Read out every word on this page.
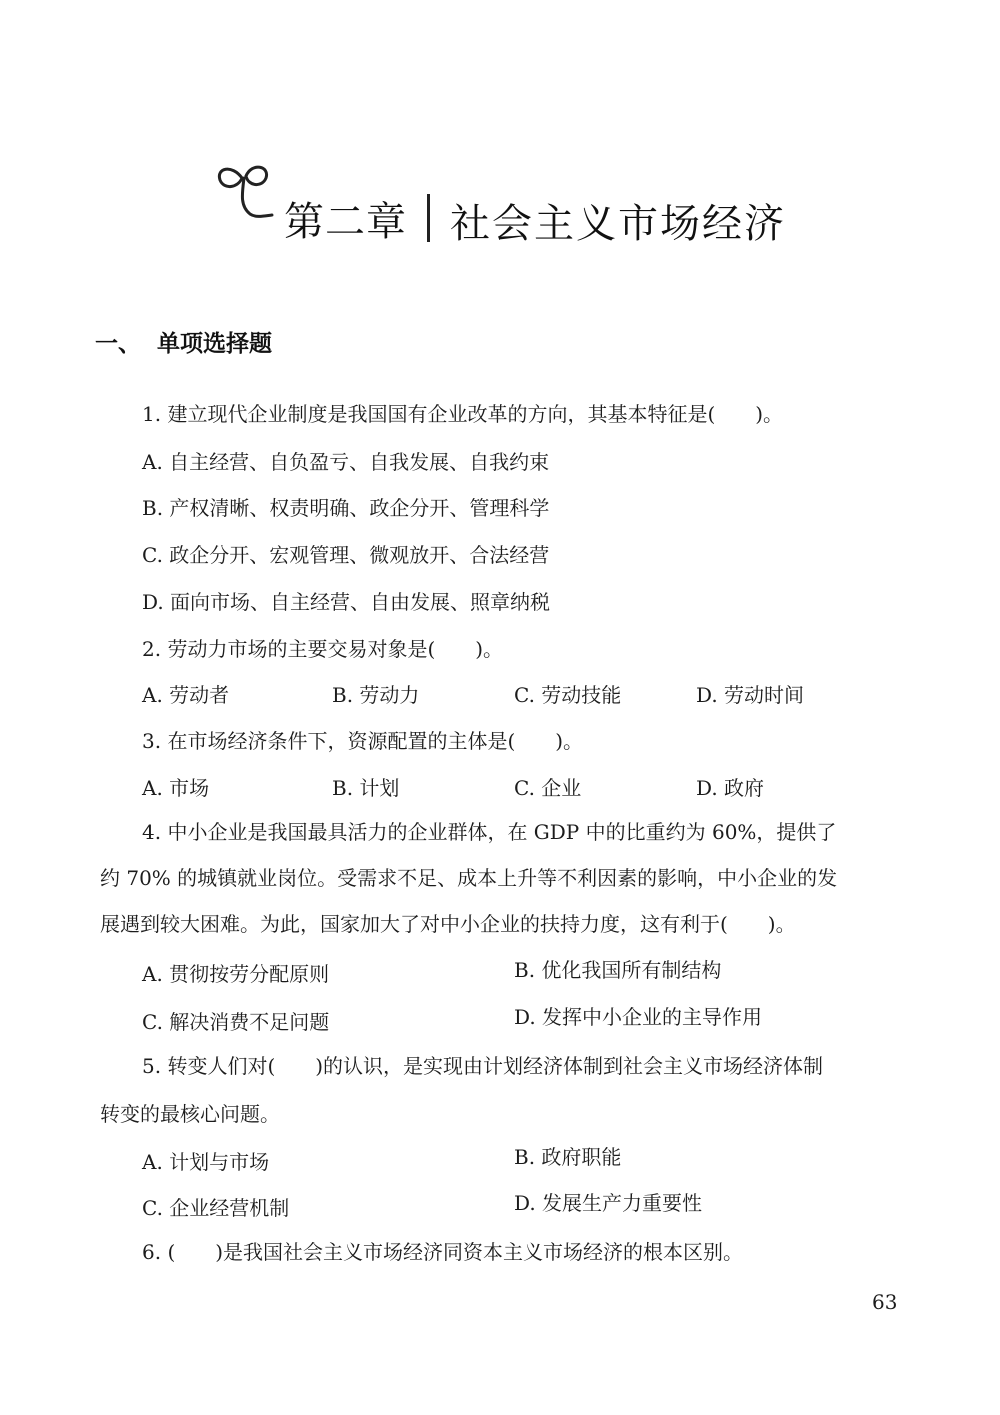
第二章 社会主义市场经济
一、 单项选择题
1. 建立现代企业制度是我国国有企业改革的方向，其基本特征是(　　)。
A. 自主经营、自负盈亏、自我发展、自我约束
B. 产权清晰、权责明确、政企分开、管理科学
C. 政企分开、宏观管理、微观放开、合法经营
D. 面向市场、自主经营、自由发展、照章纳税
2. 劳动力市场的主要交易对象是(　　)。
A. 劳动者	B. 劳动力	C. 劳动技能	D. 劳动时间
3. 在市场经济条件下，资源配置的主体是(　　)。
A. 市场	B. 计划	C. 企业	D. 政府
4. 中小企业是我国最具活力的企业群体，在 GDP 中的比重约为 60%，提供了
约 70% 的城镇就业岗位。受需求不足、成本上升等不利因素的影响，中小企业的发
展遇到较大困难。为此，国家加大了对中小企业的扶持力度，这有利于(　　)。
A. 贯彻按劳分配原则	B. 优化我国所有制结构
C. 解决消费不足问题	D. 发挥中小企业的主导作用
5. 转变人们对(　　)的认识，是实现由计划经济体制到社会主义市场经济体制
转变的最核心问题。
A. 计划与市场	B. 政府职能
C. 企业经营机制	D. 发展生产力重要性
6. (　　)是我国社会主义市场经济同资本主义市场经济的根本区别。
63
